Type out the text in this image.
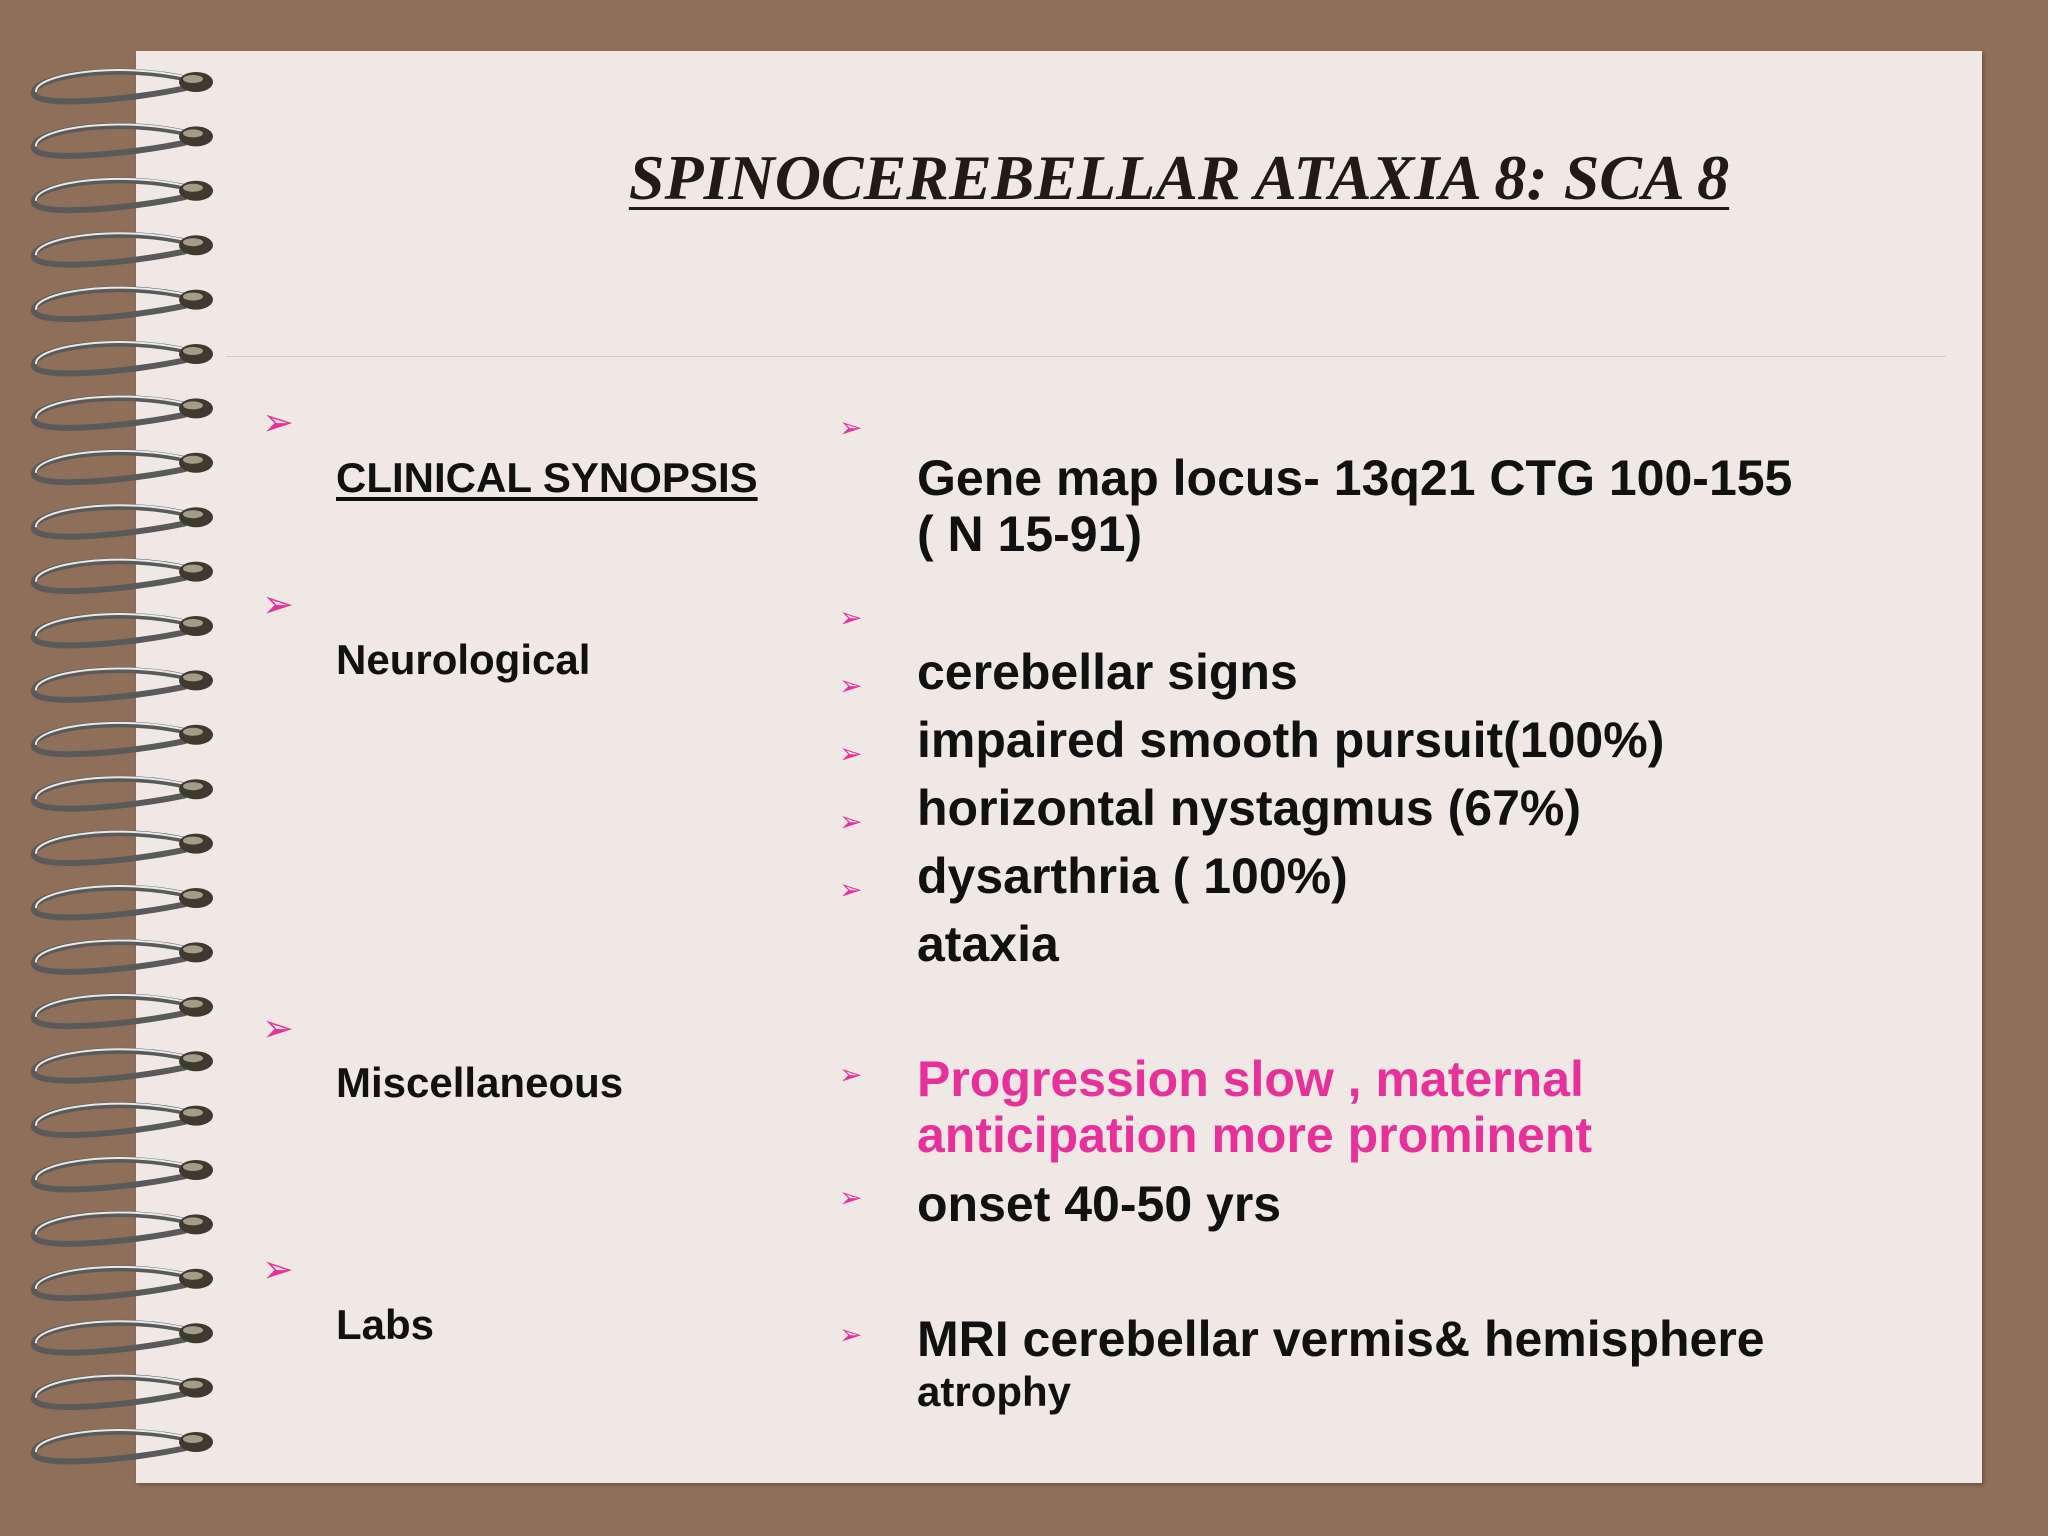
SPINOCEREBELLAR ATAXIA 8: SCA 8
➢
CLINICAL SYNOPSIS
➢
Neurological
➢
Miscellaneous
➢
Labs
➢
Gene map locus- 13q21 CTG 100-155
( N 15-91)
➢
cerebellar signs
➢
impaired smooth pursuit(100%)
➢
horizontal nystagmus (67%)
➢
dysarthria ( 100%)
➢
ataxia
➢ Progression slow , maternal
anticipation more prominent
➢ onset 40-50 yrs
➢ MRI cerebellar vermis& hemisphere
atrophy
